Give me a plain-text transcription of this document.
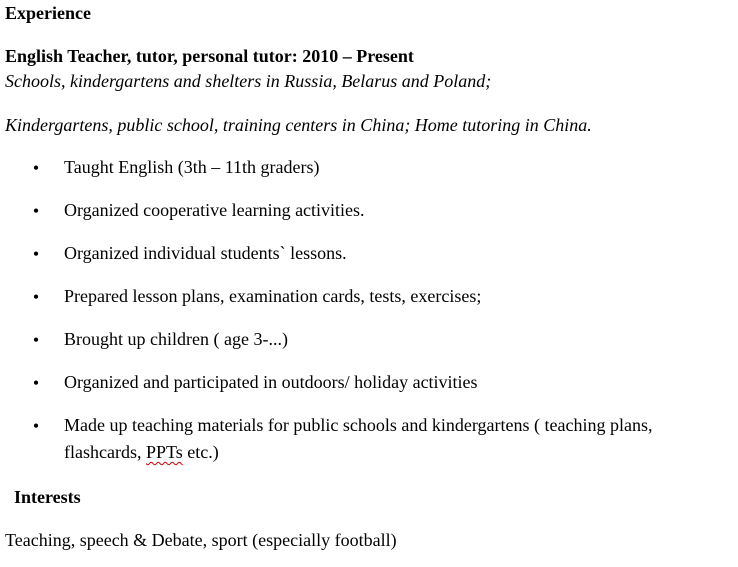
Experience
English Teacher, tutor, personal tutor: 2010 – Present
Schools, kindergartens and shelters in Russia, Belarus and Poland;
Kindergartens, public school, training centers in China; Home tutoring in China.
• Taught English (3th – 11th graders)
• Organized cooperative learning activities.
• Organized individual students` lessons.
• Prepared lesson plans, examination cards, tests, exercises;
• Brought up children ( age 3-...)
• Organized and participated in outdoors/ holiday activities
• Made up teaching materials for public schools and kindergartens ( teaching plans,
flashcards, PPTs etc.)
Interests
Teaching, speech & Debate, sport (especially football)
